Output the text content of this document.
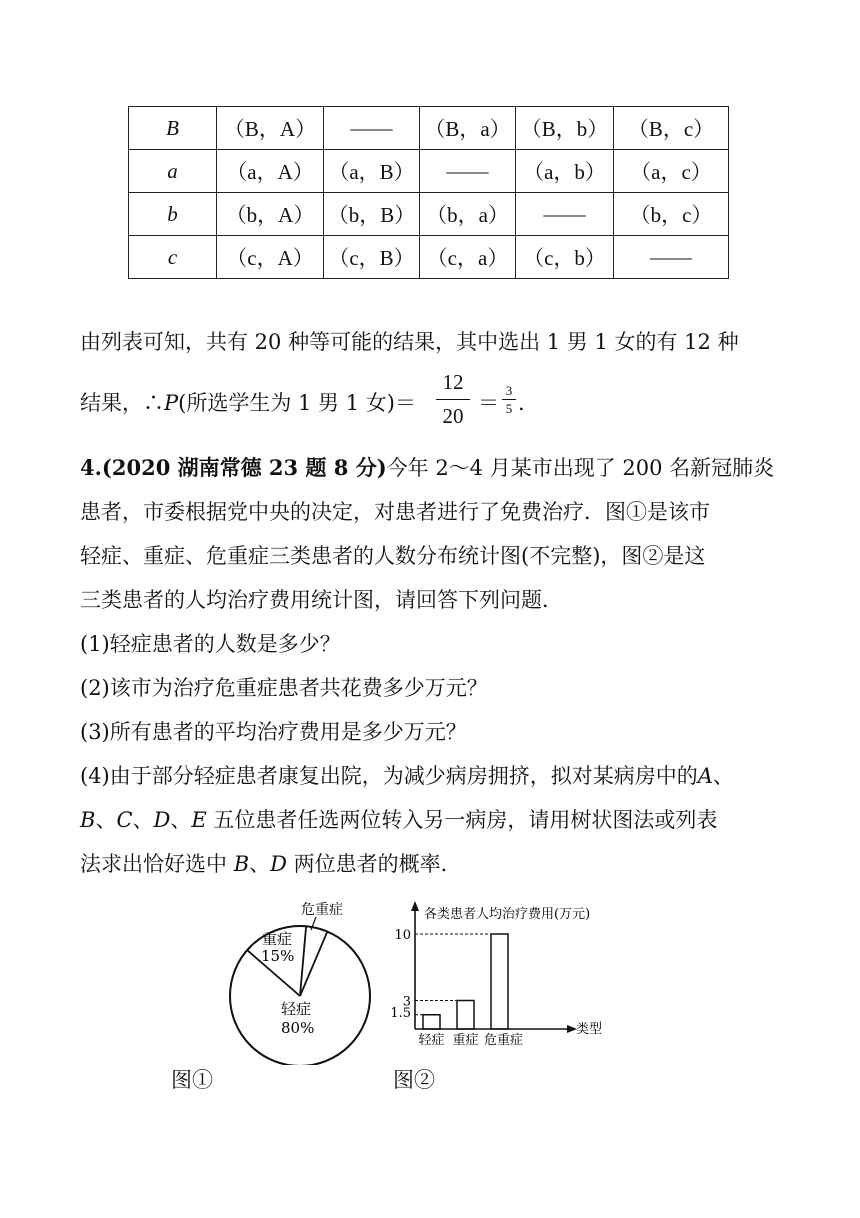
B	（B，A）	——	（B，a）	（B，b）	（B，c）
a	（a，A）	（a，B）	——	（a，b）	（a，c）
b	（b，A）	（b，B）	（b，a）	——	（b，c）
c	（c，A）	（c，B）	（c，a）	（c，b）	——
由列表可知，共有 20 种等可能的结果，其中选出 1 男 1 女的有 12 种
结果，∴P(所选学生为 1 男 1 女)＝
12
20
＝
3
5 .
4.(2020 湖南常德 23 题 8 分)今年 2～4 月某市出现了 200 名新冠肺炎
患者，市委根据党中央的决定，对患者进行了免费治疗．图①是该市
轻症、重症、危重症三类患者的人数分布统计图(不完整)，图②是这
三类患者的人均治疗费用统计图，请回答下列问题．
(1)轻症患者的人数是多少？
(2)该市为治疗危重症患者共花费多少万元？
(3)所有患者的平均治疗费用是多少万元？
(4)由于部分轻症患者康复出院，为减少病房拥挤，拟对某病房中的A、
B、C、D、E 五位患者任选两位转入另一病房，请用树状图法或列表
法求出恰好选中 B、D 两位患者的概率．
危重症
重症
15%
轻症
80%
图①
各类患者人均治疗费用(万元)
类型
1.5
3
10
轻症 重症 危重症
图②
